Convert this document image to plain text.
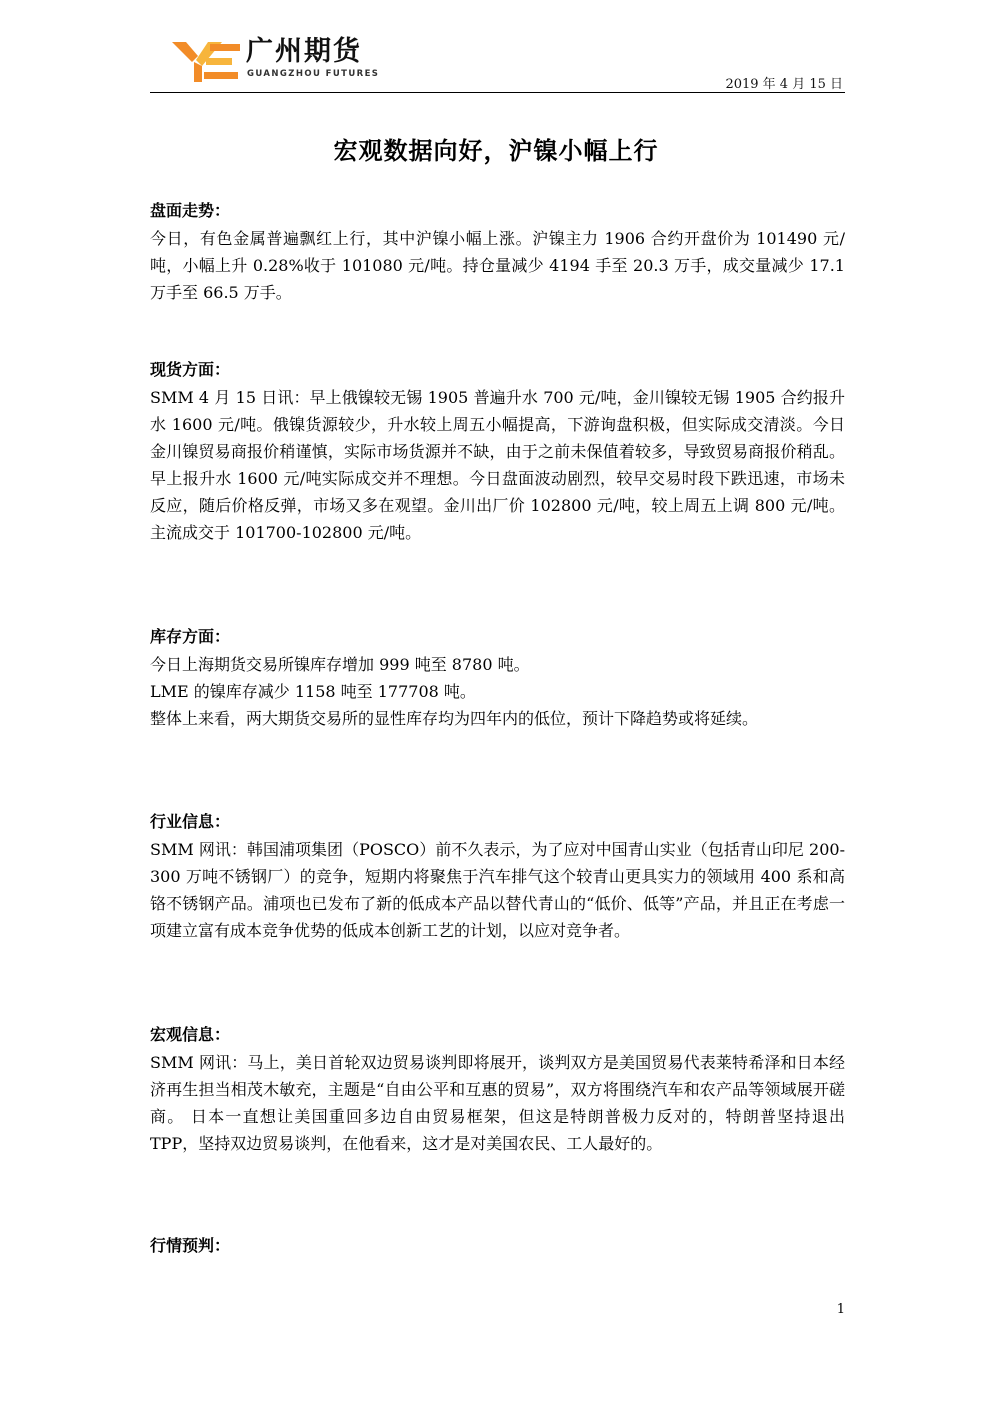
广州期货
GUANGZHOU FUTURES
2019 年 4 月 15 日
宏观数据向好，沪镍小幅上行
盘面走势：

今日，有色金属普遍飘红上行，其中沪镍小幅上涨。沪镍主力 1906 合约开盘价为 101490 元/吨，小幅上升 0.28%收于 101080 元/吨。持仓量减少 4194 手至 20.3 万手，成交量减少 17.1 万手至 66.5 万手。

现货方面：

SMM 4 月 15 日讯：早上俄镍较无锡 1905 普遍升水 700 元/吨，金川镍较无锡 1905 合约报升水 1600 元/吨。俄镍货源较少，升水较上周五小幅提高，下游询盘积极，但实际成交清淡。今日金川镍贸易商报价稍谨慎，实际市场货源并不缺，由于之前未保值着较多，导致贸易商报价稍乱。早上报升水 1600 元/吨实际成交并不理想。今日盘面波动剧烈，较早交易时段下跌迅速，市场未反应，随后价格反弹，市场又多在观望。金川出厂价 102800 元/吨，较上周五上调 800 元/吨。主流成交于 101700-102800 元/吨。

库存方面：

今日上海期货交易所镍库存增加 999 吨至 8780 吨。

LME 的镍库存减少 1158 吨至 177708 吨。

整体上来看，两大期货交易所的显性库存均为四年内的低位，预计下降趋势或将延续。

行业信息：

SMM 网讯：韩国浦项集团（POSCO）前不久表示，为了应对中国青山实业（包括青山印尼 200-300 万吨不锈钢厂）的竞争，短期内将聚焦于汽车排气这个较青山更具实力的领域用 400 系和高铬不锈钢产品。浦项也已发布了新的低成本产品以替代青山的“低价、低等”产品，并且正在考虑一项建立富有成本竞争优势的低成本创新工艺的计划，以应对竞争者。

宏观信息：

SMM 网讯：马上，美日首轮双边贸易谈判即将展开，谈判双方是美国贸易代表莱特希泽和日本经济再生担当相茂木敏充，主题是“自由公平和互惠的贸易”，双方将围绕汽车和农产品等领域展开磋商。 日本一直想让美国重回多边自由贸易框架，但这是特朗普极力反对的，特朗普坚持退出 TPP，坚持双边贸易谈判，在他看来，这才是对美国农民、工人最好的。

行情预判：
1
